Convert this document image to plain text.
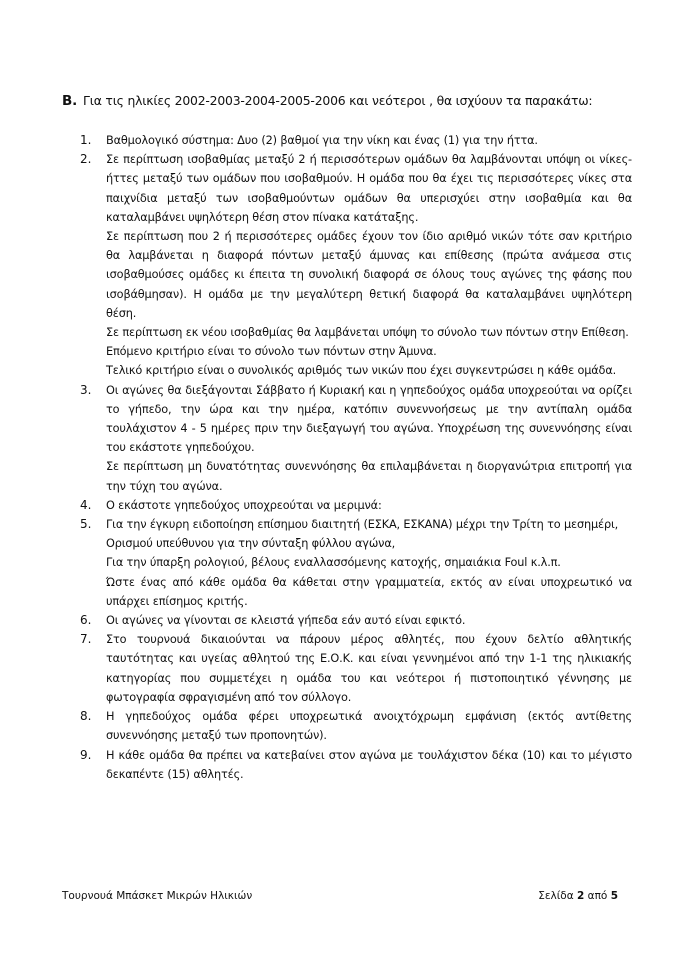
Β. Για τις ηλικίες 2002-2003-2004-2005-2006 και νεότεροι , θα ισχύουν τα παρακάτω:
1. Βαθμολογικό σύστημα: Δυο (2) βαθμοί για την νίκη και ένας (1) για την ήττα.

2. Σε περίπτωση ισοβαθμίας μεταξύ 2 ή περισσότερων ομάδων θα λαμβάνονται υπόψη οι νίκες-ήττες μεταξύ των ομάδων που ισοβαθμούν. Η ομάδα που θα έχει τις περισσότερες νίκες στα παιχνίδια μεταξύ των ισοβαθμούντων ομάδων θα υπερισχύει στην ισοβαθμία και θα καταλαμβάνει υψηλότερη θέση στον πίνακα κατάταξης.

Σε περίπτωση που 2 ή περισσότερες ομάδες έχουν τον ίδιο αριθμό νικών τότε σαν κριτήριο θα λαμβάνεται η διαφορά πόντων μεταξύ άμυνας και επίθεσης (πρώτα ανάμεσα στις ισοβαθμούσες ομάδες κι έπειτα τη συνολική διαφορά σε όλους τους αγώνες της φάσης που ισοβάθμησαν). Η ομάδα με την μεγαλύτερη θετική διαφορά θα καταλαμβάνει υψηλότερη θέση.

Σε περίπτωση εκ νέου ισοβαθμίας θα λαμβάνεται υπόψη το σύνολο των πόντων στην Επίθεση.

Επόμενο κριτήριο είναι το σύνολο των πόντων στην Άμυνα.

Τελικό κριτήριο είναι ο συνολικός αριθμός των νικών που έχει συγκεντρώσει η κάθε ομάδα.

3. Οι αγώνες θα διεξάγονται Σάββατο ή Κυριακή και η γηπεδούχος ομάδα υποχρεούται να ορίζει το γήπεδο, την ώρα και την ημέρα, κατόπιν συνεννοήσεως με την αντίπαλη ομάδα τουλάχιστον 4 - 5 ημέρες πριν την διεξαγωγή του αγώνα. Υποχρέωση της συνεννόησης είναι του εκάστοτε γηπεδούχου.

Σε περίπτωση μη δυνατότητας συνεννόησης θα επιλαμβάνεται η διοργανώτρια επιτροπή για την τύχη του αγώνα.

4. Ο εκάστοτε γηπεδούχος υποχρεούται να μεριμνά:

5. Για την έγκυρη ειδοποίηση επίσημου διαιτητή (ΕΣΚΑ, ΕΣΚΑΝΑ) μέχρι την Τρίτη το μεσημέρι,

Ορισμού υπεύθυνου για την σύνταξη φύλλου αγώνα,

Για την ύπαρξη ρολογιού, βέλους εναλλασσόμενης κατοχής, σημαιάκια Foul κ.λ.π.

Ώστε ένας από κάθε ομάδα θα κάθεται στην γραμματεία, εκτός αν είναι υποχρεωτικό να υπάρχει επίσημος κριτής.

6. Οι αγώνες να γίνονται σε κλειστά γήπεδα εάν αυτό είναι εφικτό.

7. Στο τουρνουά δικαιούνται να πάρουν μέρος αθλητές, που έχουν δελτίο αθλητικής ταυτότητας και υγείας αθλητού της Ε.Ο.Κ. και είναι γεννημένοι από την 1-1 της ηλικιακής κατηγορίας που συμμετέχει η ομάδα του και νεότεροι ή πιστοποιητικό γέννησης με φωτογραφία σφραγισμένη από τον σύλλογο.

8. Η γηπεδούχος ομάδα φέρει υποχρεωτικά ανοιχτόχρωμη εμφάνιση (εκτός αντίθετης συνεννόησης μεταξύ των προπονητών).

9. Η κάθε ομάδα θα πρέπει να κατεβαίνει στον αγώνα με τουλάχιστον δέκα (10) και το μέγιστο δεκαπέντε (15) αθλητές.

Τουρνουά Μπάσκετ Μικρών Ηλικιών	Σελίδα 2 από 5
